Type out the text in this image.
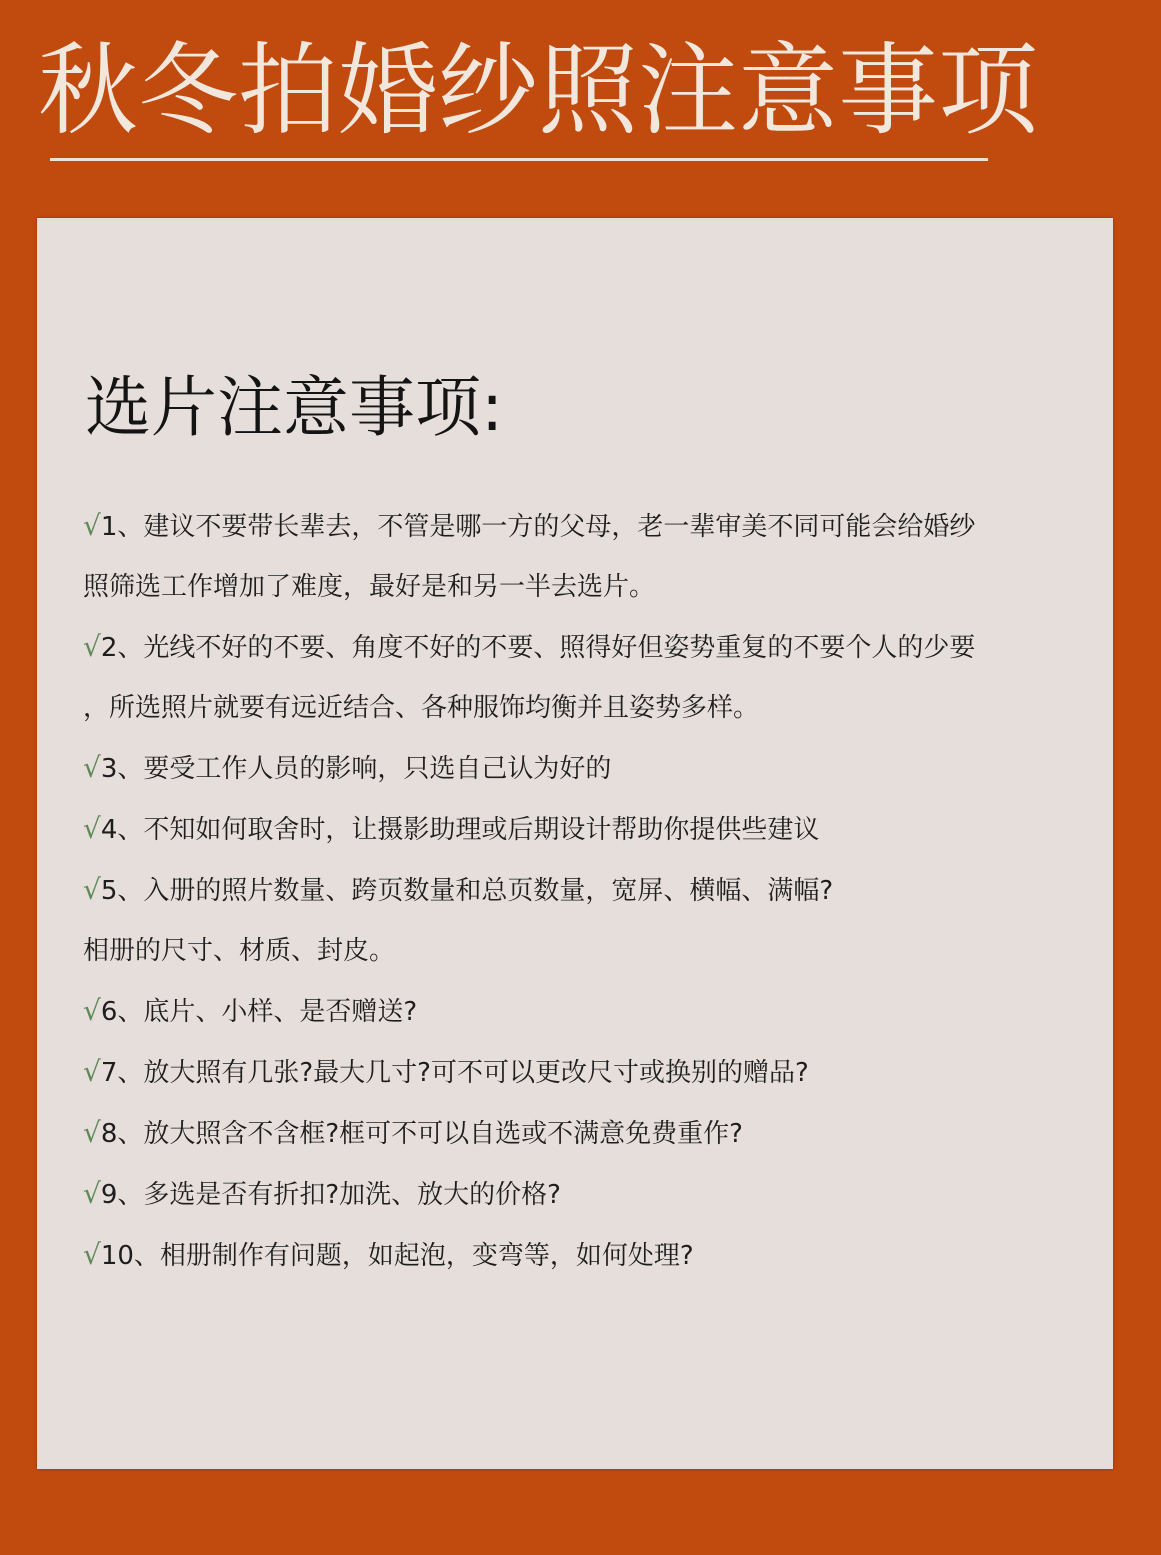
秋冬拍婚纱照注意事项
选片注意事项:
√1、建议不要带长辈去，不管是哪一方的父母，老一辈审美不同可能会给婚纱
照筛选工作增加了难度，最好是和另一半去选片。
√2、光线不好的不要、角度不好的不要、照得好但姿势重复的不要个人的少要
，所选照片就要有远近结合、各种服饰均衡并且姿势多样。
√3、要受工作人员的影响，只选自己认为好的
√4、不知如何取舍时，让摄影助理或后期设计帮助你提供些建议
√5、入册的照片数量、跨页数量和总页数量，宽屏、横幅、满幅?
相册的尺寸、材质、封皮。
√6、底片、小样、是否赠送?
√7、放大照有几张?最大几寸?可不可以更改尺寸或换别的赠品?
√8、放大照含不含框?框可不可以自选或不满意免费重作?
√9、多选是否有折扣?加洗、放大的价格?
√10、相册制作有问题，如起泡，变弯等，如何处理?
